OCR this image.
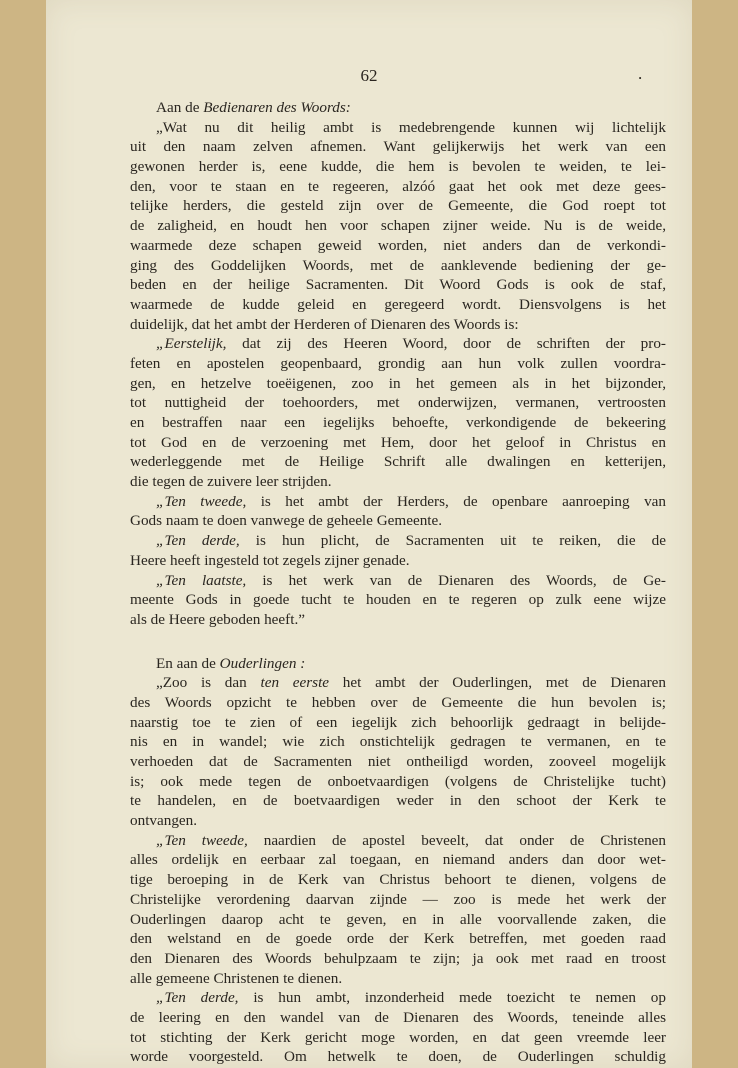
62	.
Aan de Bedienaren des Woords:
„Wat nu dit heilig ambt is medebrengende kunnen wij lichtelijk
uit den naam zelven afnemen. Want gelijkerwijs het werk van een
gewonen herder is, eene kudde, die hem is bevolen te weiden, te lei-
den, voor te staan en te regeeren, alzóó gaat het ook met deze gees-
telijke herders, die gesteld zijn over de Gemeente, die God roept tot
de zaligheid, en houdt hen voor schapen zijner weide. Nu is de weide,
waarmede deze schapen geweid worden, niet anders dan de verkondi-
ging des Goddelijken Woords, met de aanklevende bediening der ge-
beden en der heilige Sacramenten. Dit Woord Gods is ook de staf,
waarmede de kudde geleid en geregeerd wordt. Diensvolgens is het
duidelijk, dat het ambt der Herderen of Dienaren des Woords is:
„Eerstelijk, dat zij des Heeren Woord, door de schriften der pro-
feten en apostelen geopenbaard, grondig aan hun volk zullen voordra-
gen, en hetzelve toeëigenen, zoo in het gemeen als in het bijzonder,
tot nuttigheid der toehoorders, met onderwijzen, vermanen, vertroosten
en bestraffen naar een iegelijks behoefte, verkondigende de bekeering
tot God en de verzoening met Hem, door het geloof in Christus en
wederleggende met de Heilige Schrift alle dwalingen en ketterijen,
die tegen de zuivere leer strijden.
„Ten tweede, is het ambt der Herders, de openbare aanroeping van
Gods naam te doen vanwege de geheele Gemeente.
„Ten derde, is hun plicht, de Sacramenten uit te reiken, die de
Heere heeft ingesteld tot zegels zijner genade.
„Ten laatste, is het werk van de Dienaren des Woords, de Ge-
meente Gods in goede tucht te houden en te regeren op zulk eene wijze
als de Heere geboden heeft.”
En aan de Ouderlingen :
„Zoo is dan ten eerste het ambt der Ouderlingen, met de Dienaren
des Woords opzicht te hebben over de Gemeente die hun bevolen is;
naarstig toe te zien of een iegelijk zich behoorlijk gedraagt in belijde-
nis en in wandel; wie zich onstichtelijk gedragen te vermanen, en te
verhoeden dat de Sacramenten niet ontheiligd worden, zooveel mogelijk
is; ook mede tegen de onboetvaardigen (volgens de Christelijke tucht)
te handelen, en de boetvaardigen weder in den schoot der Kerk te
ontvangen.
„Ten tweede, naardien de apostel beveelt, dat onder de Christenen
alles ordelijk en eerbaar zal toegaan, en niemand anders dan door wet-
tige beroeping in de Kerk van Christus behoort te dienen, volgens de
Christelijke verordening daarvan zijnde — zoo is mede het werk der
Ouderlingen daarop acht te geven, en in alle voorvallende zaken, die
den welstand en de goede orde der Kerk betreffen, met goeden raad
den Dienaren des Woords behulpzaam te zijn; ja ook met raad en troost
alle gemeene Christenen te dienen.
„Ten derde, is hun ambt, inzonderheid mede toezicht te nemen op
de leering en den wandel van de Dienaren des Woords, teneinde alles
tot stichting der Kerk gericht moge worden, en dat geen vreemde leer
worde voorgesteld. Om hetwelk te doen, de Ouderlingen schuldig
